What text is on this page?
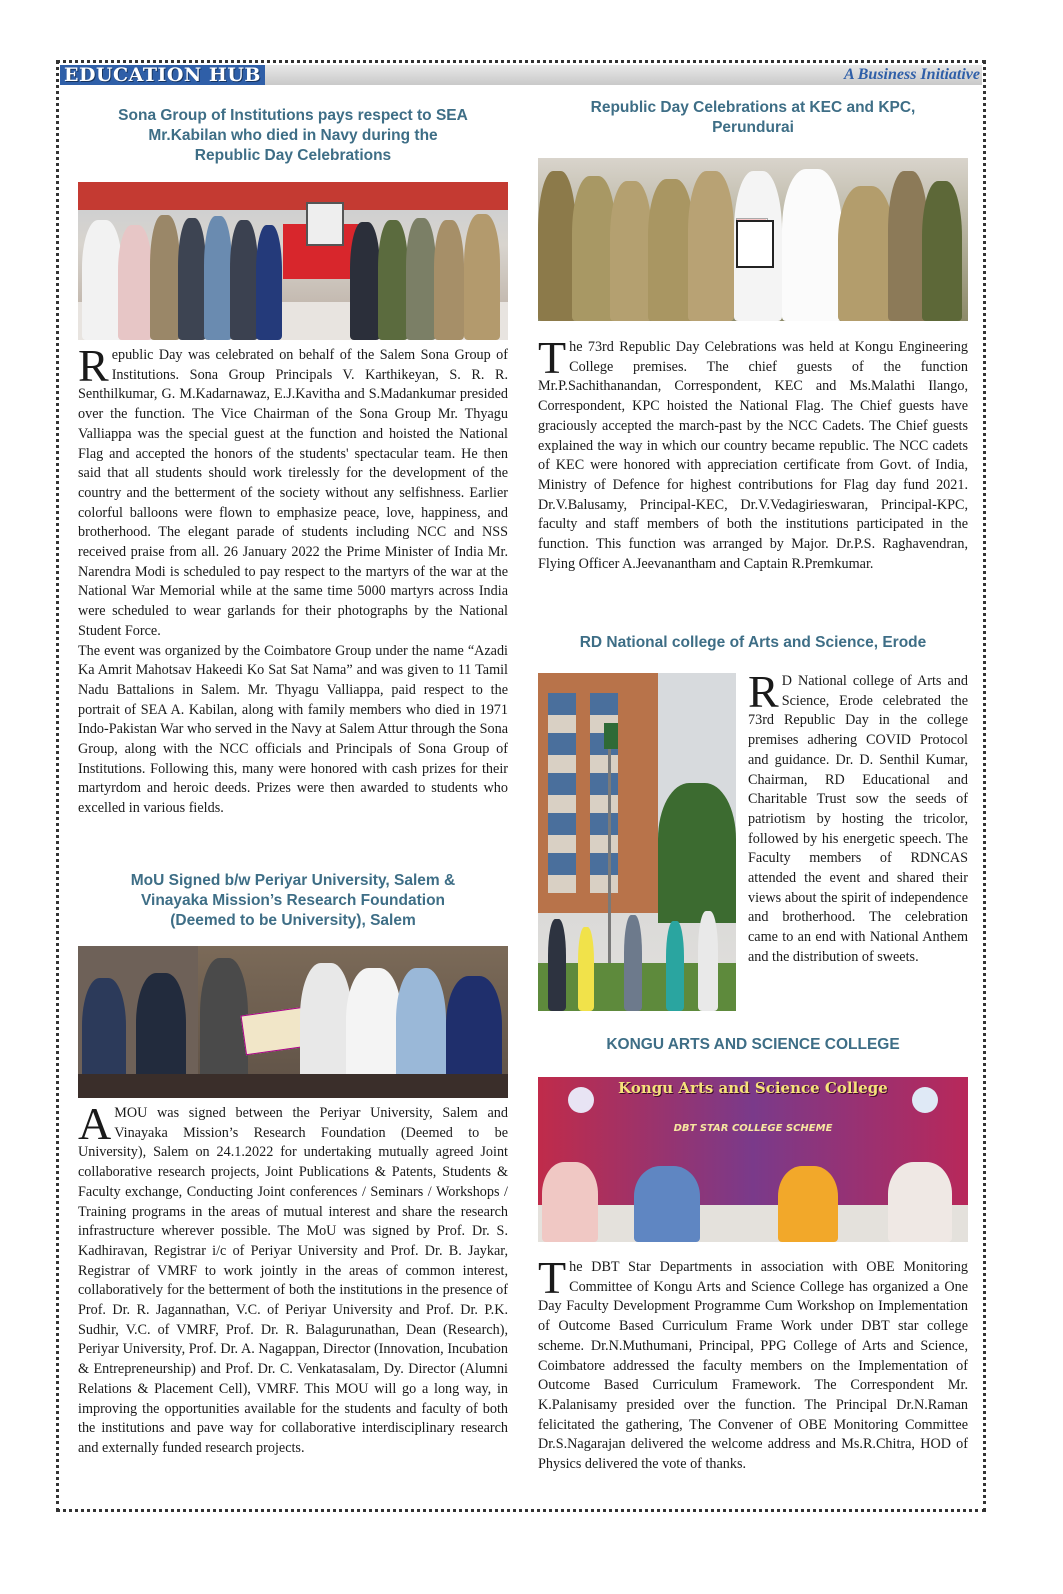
EDUCATION HUB	A Business Initiative
Sona Group of Institutions pays respect to SEA
Mr.Kabilan who died in Navy during the
Republic Day Celebrations

Republic Day was celebrated on behalf of the Salem Sona Group of Institutions. Sona Group Principals V. Karthikeyan, S. R. R. Senthilkumar, G. M.Kadarnawaz, E.J.Kavitha and S.Madankumar presided over the function. The Vice Chairman of the Sona Group Mr. Thyagu Valliappa was the special guest at the function and hoisted the National Flag and accepted the honors of the students' spectacular team. He then said that all students should work tirelessly for the development of the country and the betterment of the society without any selfishness. Earlier colorful balloons were flown to emphasize peace, love, happiness, and brotherhood. The elegant parade of students including NCC and NSS received praise from all. 26 January 2022 the Prime Minister of India Mr. Narendra Modi is scheduled to pay respect to the martyrs of the war at the National War Memorial while at the same time 5000 martyrs across India were scheduled to wear garlands for their photographs by the National Student Force.

The event was organized by the Coimbatore Group under the name “Azadi Ka Amrit Mahotsav Hakeedi Ko Sat Sat Nama” and was given to 11 Tamil Nadu Battalions in Salem. Mr. Thyagu Valliappa, paid respect to the portrait of SEA A. Kabilan, along with family members who died in 1971 Indo-Pakistan War who served in the Navy at Salem Attur through the Sona Group, along with the NCC officials and Principals of Sona Group of Institutions. Following this, many were honored with cash prizes for their martyrdom and heroic deeds. Prizes were then awarded to students who excelled in various fields.

MoU Signed b/w Periyar University, Salem &
Vinayaka Mission’s Research Foundation
(Deemed to be University), Salem

AMOU was signed between the Periyar University, Salem and Vinayaka Mission’s Research Foundation (Deemed to be University), Salem on 24.1.2022 for undertaking mutually agreed Joint collaborative research projects, Joint Publications & Patents, Students & Faculty exchange, Conducting Joint conferences / Seminars / Workshops / Training programs in the areas of mutual interest and share the research infrastructure wherever possible. The MoU was signed by Prof. Dr. S. Kadhiravan, Registrar i/c of Periyar University and Prof. Dr. B. Jaykar, Registrar of VMRF to work jointly in the areas of common interest, collaboratively for the betterment of both the institutions in the presence of Prof. Dr. R. Jagannathan, V.C. of Periyar University and Prof. Dr. P.K. Sudhir, V.C. of VMRF, Prof. Dr. R. Balagurunathan, Dean (Research), Periyar University, Prof. Dr. A. Nagappan, Director (Innovation, Incubation & Entrepreneurship) and Prof. Dr. C. Venkatasalam, Dy. Director (Alumni Relations & Placement Cell), VMRF. This MOU will go a long way, in improving the opportunities available for the students and faculty of both the institutions and pave way for collaborative interdisciplinary research and externally funded research projects.

Republic Day Celebrations at KEC and KPC,
Perundurai

The 73rd Republic Day Celebrations was held at Kongu Engineering College premises. The chief guests of the function Mr.P.Sachithanandan, Correspondent, KEC and Ms.Malathi Ilango, Correspondent, KPC hoisted the National Flag. The Chief guests have graciously accepted the march-past by the NCC Cadets. The Chief guests explained the way in which our country became republic. The NCC cadets of KEC were honored with appreciation certificate from Govt. of India, Ministry of Defence for highest contributions for Flag day fund 2021. Dr.V.Balusamy, Principal-KEC, Dr.V.Vedagirieswaran, Principal-KPC, faculty and staff members of both the institutions participated in the function. This function was arranged by Major. Dr.P.S. Raghavendran, Flying Officer A.Jeevanantham and Captain R.Premkumar.

RD National college of Arts and Science, Erode

R D National college of Arts and Science, Erode celebrated the 73rd Republic Day in the college premises adhering COVID Protocol and guidance. Dr. D. Senthil Kumar, Chairman, RD Educational and Charitable Trust sow the seeds of patriotism by hosting the tricolor, followed by his energetic speech. The Faculty members of RDNCAS attended the event and shared their views about the spirit of independence and brotherhood. The celebration came to an end with National Anthem and the distribution of sweets.

KONGU ARTS AND SCIENCE COLLEGE
Kongu Arts and Science College
DBT STAR COLLEGE SCHEME

The DBT Star Departments in association with OBE Monitoring Committee of Kongu Arts and Science College has organized a One Day Faculty Development Programme Cum Workshop on Implementation of Outcome Based Curriculum Frame Work under DBT star college scheme. Dr.N.Muthumani, Principal, PPG College of Arts and Science, Coimbatore addressed the faculty members on the Implementation of Outcome Based Curriculum Framework. The Correspondent Mr. K.Palanisamy presided over the function. The Principal Dr.N.Raman felicitated the gathering, The Convener of OBE Monitoring Committee Dr.S.Nagarajan delivered the welcome address and Ms.R.Chitra, HOD of Physics delivered the vote of thanks.
